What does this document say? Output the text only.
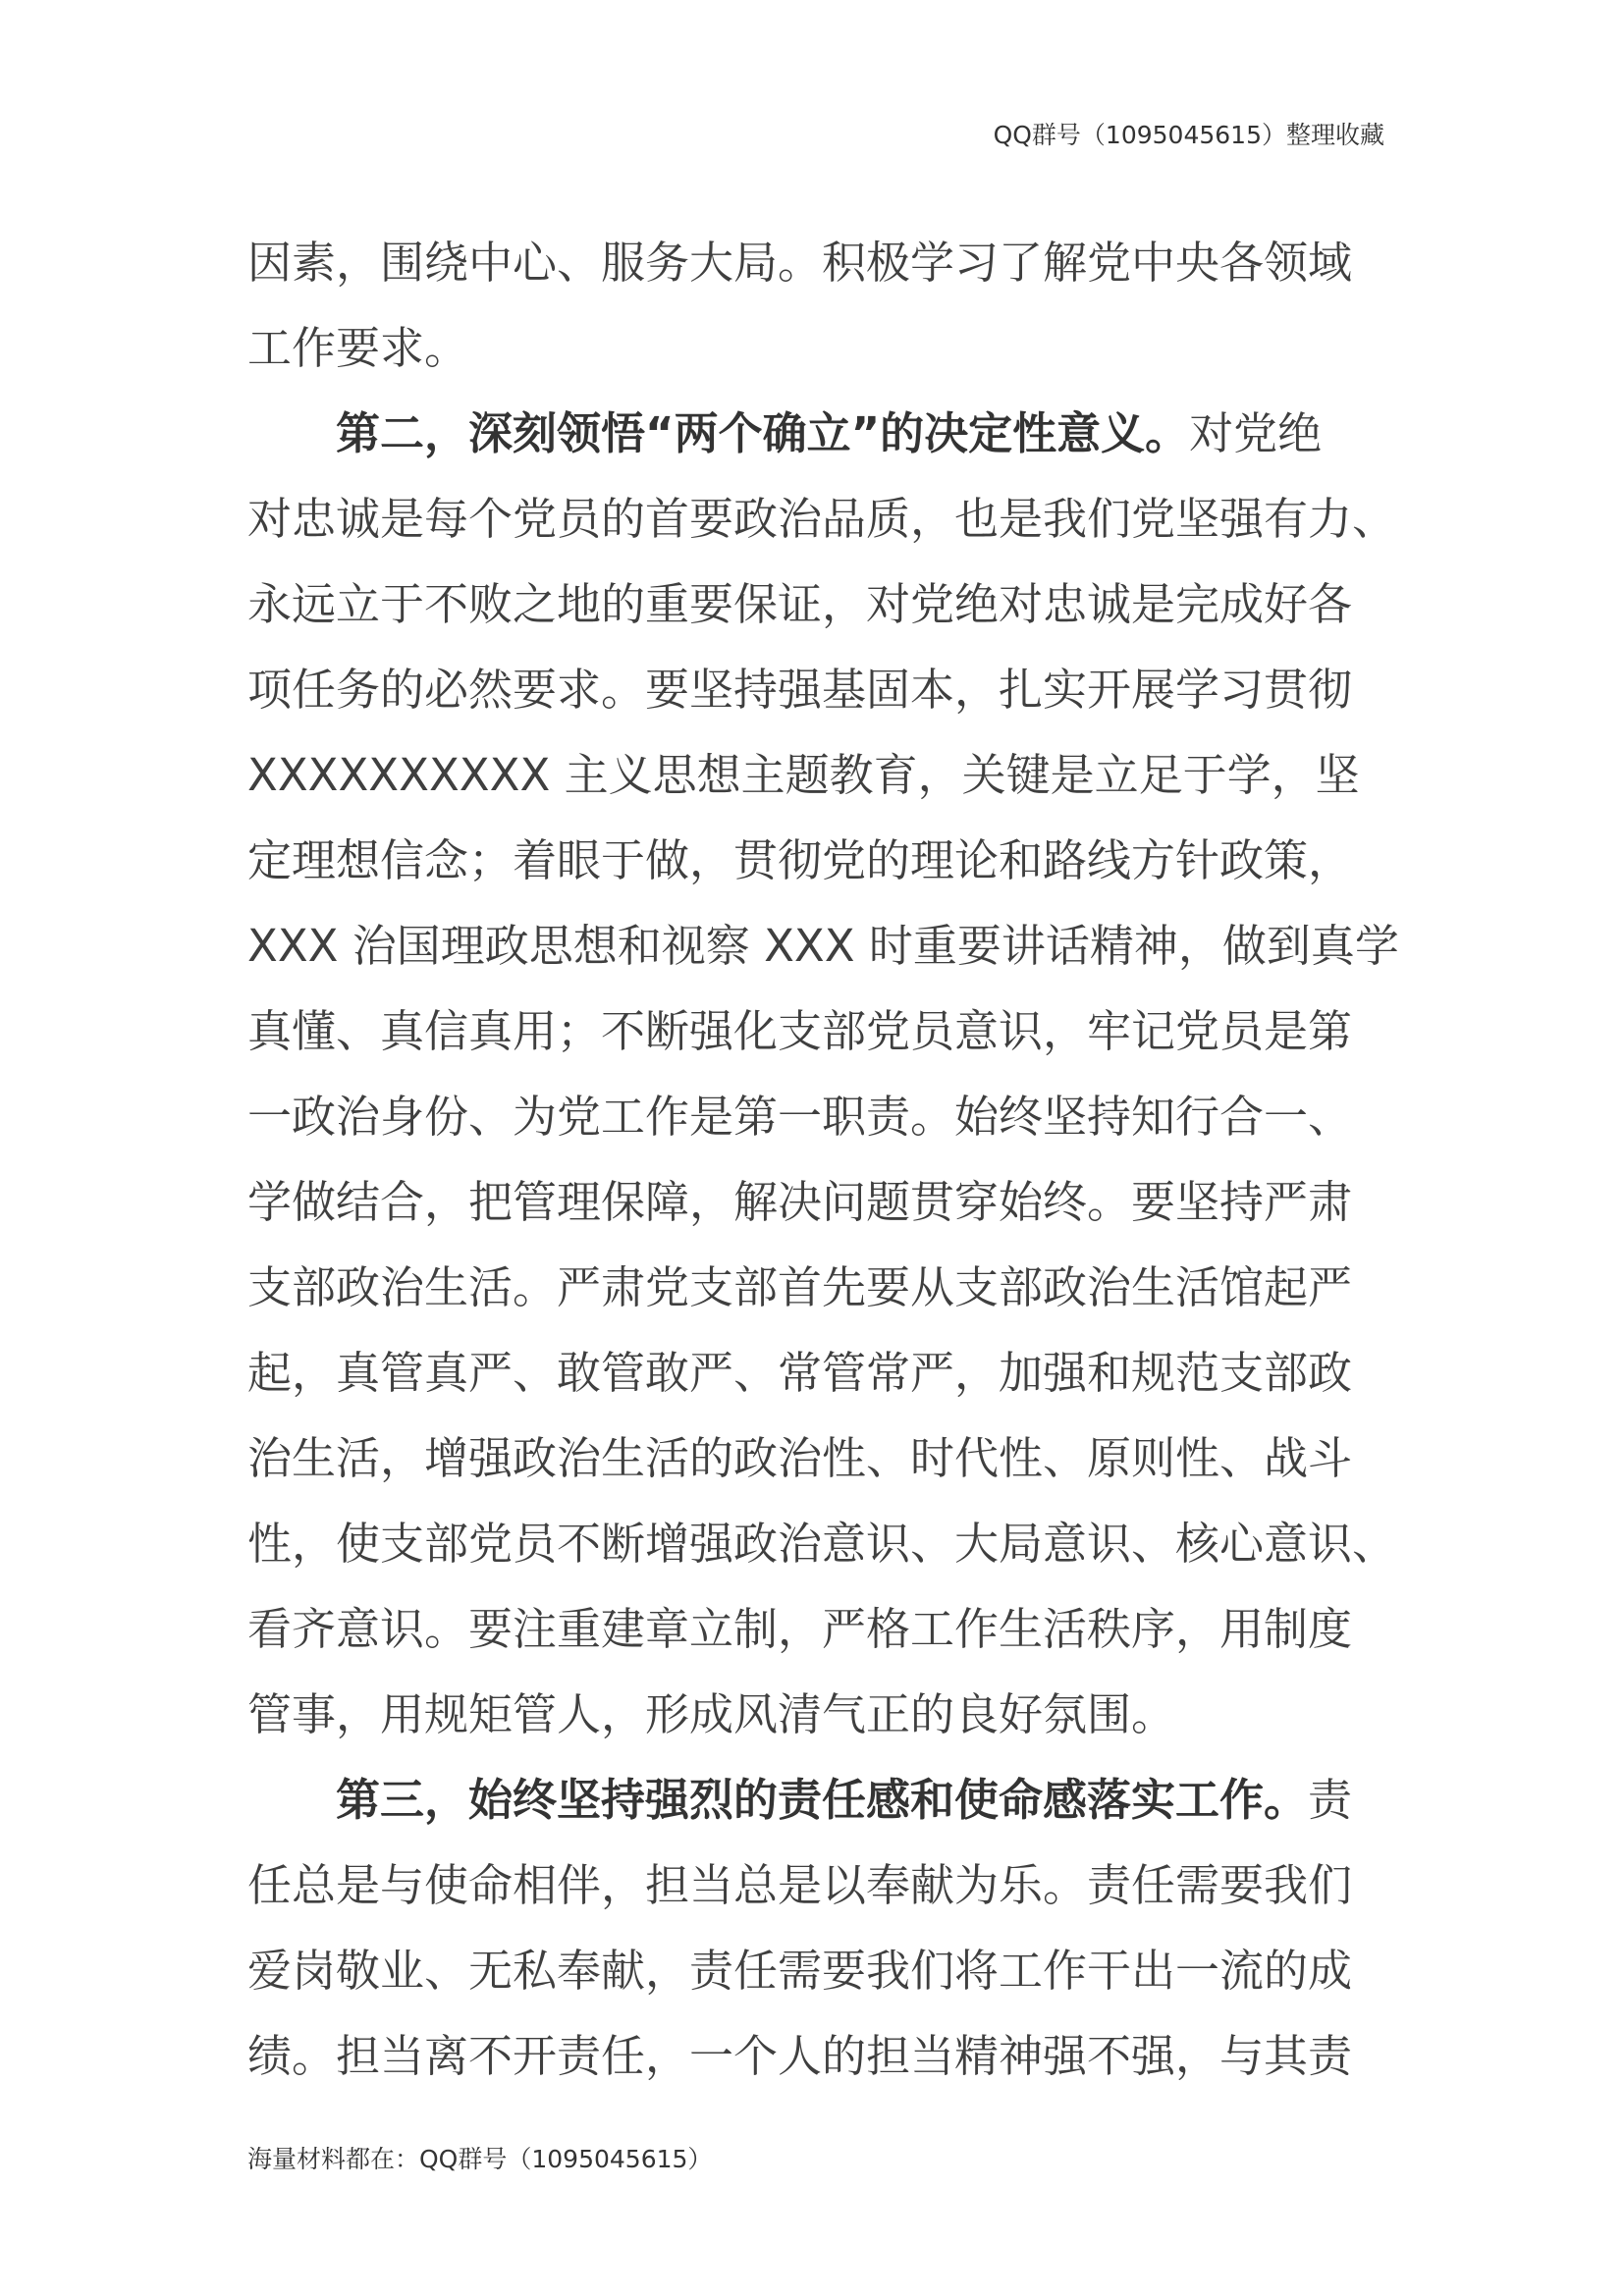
QQ群号（1095045615）整理收藏
因素，围绕中心、服务大局。积极学习了解党中央各领域
工作要求。
第二，深刻领悟“两个确立”的决定性意义。对党绝
对忠诚是每个党员的首要政治品质，也是我们党坚强有力、
永远立于不败之地的重要保证，对党绝对忠诚是完成好各
项任务的必然要求。要坚持强基固本，扎实开展学习贯彻
XXXXXXXXXX 主义思想主题教育，关键是立足于学，坚
定理想信念；着眼于做，贯彻党的理论和路线方针政策，
XXX 治国理政思想和视察 XXX 时重要讲话精神，做到真学
真懂、真信真用；不断强化支部党员意识，牢记党员是第
一政治身份、为党工作是第一职责。始终坚持知行合一、
学做结合，把管理保障，解决问题贯穿始终。要坚持严肃
支部政治生活。严肃党支部首先要从支部政治生活馆起严
起，真管真严、敢管敢严、常管常严，加强和规范支部政
治生活，增强政治生活的政治性、时代性、原则性、战斗
性，使支部党员不断增强政治意识、大局意识、核心意识、
看齐意识。要注重建章立制，严格工作生活秩序，用制度
管事，用规矩管人，形成风清气正的良好氛围。
第三，始终坚持强烈的责任感和使命感落实工作。责
任总是与使命相伴，担当总是以奉献为乐。责任需要我们
爱岗敬业、无私奉献，责任需要我们将工作干出一流的成
绩。担当离不开责任，一个人的担当精神强不强，与其责
海量材料都在：QQ群号（1095045615）
